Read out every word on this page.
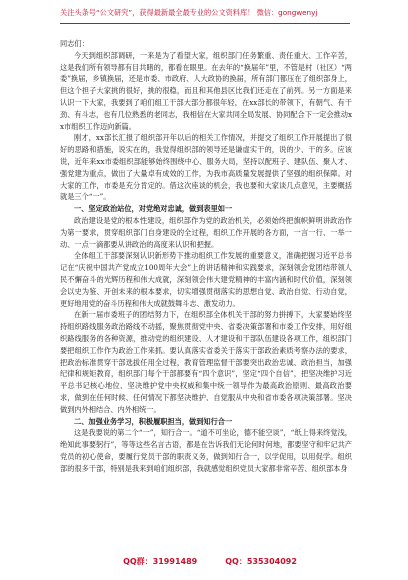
关注头条号“公文研究”，获得最新最全最专业的公文资料库！ 微信：gongwenyj

同志们：

今天到组织部调研，一来是为了看望大家，组织部门任务繁重、责任重大、工作辛苦，这是我们所有领导都有目共睹的，都看在眼里。在去年的“换届年”里，不管是村（社区）“两委”换届，乡镇换届，还是市委、市政府、人大政协的换届，所有部门都压在了组织部身上，但这个担子大家挑的很好，挑的很稳，而且和其他县区比我们还走在了前列。另一方面是来认识一下大家，我要到了咱们组工干部大部分都很年轻，在xx部长的带领下，有朝气、有干劲、有斗志，也有几位熟悉的老同志，我相信在大家共同全局发展、协同配合下一定会推动xx市组织工作迈向新篇。

刚才，xx部长汇报了组织部开年以后的相关工作情况，并提交了组织工作开展提出了很好的思路和措施，说实在的，我觉得组织部的领导还是谦虚实干的，说的少、干的多。应该说，近年来xx市委组织部能够始终围绕中心、服务大局，坚持以配班子、建队伍、聚人才、强党建为重点，做出了大量卓有成效的工作，为我市高质量发展提供了坚强的组织保障。对大家的工作，市委是充分肯定的。借这次座谈的机会，我也要和大家谈几点意见，主要概括就是三个“一”。

一、坚定政治站位，对党绝对忠诚，做到表里如一

政治建设是党的根本性建设，组织部作为党的政治机关，必须始终把旗帜鲜明讲政治作为第一要求，贯穿组织部门自身建设的全过程，组织工作开展的各方面，一言一行、一举一动、一点一滴都要从讲政治的高度来认识和把握。

全体组工干部要深刻认识新形势下推动组织工作发展的重要意义，准确把握习近平总书记在“庆祝中国共产党成立100周年大会”上的讲话精神和实践要求，深刻领会党团结带领人民不懈奋斗的光辉历程和伟大成就，深刻领会伟大建党精神的丰富内涵和时代价值，深刻领会以史为鉴、开创未来的根本要求，切实增强贯彻落实的思想自觉、政治自觉、行动自觉，更好地用党的奋斗历程和伟大成就鼓舞斗志、激发动力。

在新一届市委班子的团结努力下，在组织部全体机关干部的努力拼搏下，大家要始终坚持组织路线服务政治路线不动摇，聚焦贯彻党中央、省委决策部署和市委工作安排，用好组织路线服务的各种资源，推动党的组织建设、人才建设和干部队伍建设各项工作，组织部门要把组织工作作为政治工作来抓。要认真落实省委关于落实干部政治素质考察办法的要求，把政治标准贯穿干部选拔任用全过程，教育管理监督干部要突出政治忠诚、政治担当，加强纪律和规矩教育，组织部门每个干部都要有“四个意识”，坚定“四个自信”，把坚决维护习近平总书记核心地位、坚决维护党中央权威和集中统一领导作为最高政治原则、最高政治要求，做到在任何时候、任何情况下都坚决维护、自觉服从中央和省市委各项决策部署。坚决做到内外相结合、内外相统一。

二、加强业务学习，积极履职担当，做到知行合一

这是我要说的第二个“一”，知行合一。“道不可坐论，德不能空谈”，“纸上得来终觉浅，绝知此事要躬行”，等等这些名言古语，都是在告诉我们无论何时何地，都要坚守和牢记共产党员的初心使命，要履行党员干部的职责义务，做到知行合一，以学促用，以用促学。组织部的很多干部，特别是我来到咱们组织部，我就感觉组织党员大家都非常辛苦、组织部本身

QQ群：31991489	QQ：535304092
